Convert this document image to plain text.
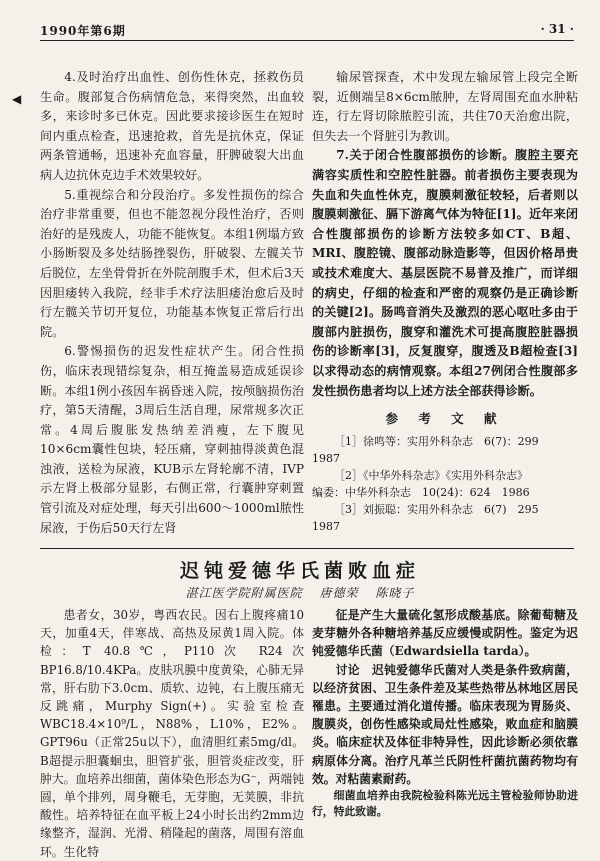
1990年第6期	· 31 ·
◀

4.及时治疗出血性、创伤性休克，拯救伤员生命。腹部复合伤病情危急，来得突然，出血较多，来诊时多已休克。因此要求接诊医生在短时间内重点检查，迅速抢救，首先是抗休克，保证两条管通畅，迅速补充血容量，肝脾破裂大出血病人边抗休克边手术效果较好。

5.重视综合和分段治疗。多发性损伤的综合治疗非常重要，但也不能忽视分段性治疗，否则治好的是残废人，功能不能恢复。本组1例塌方致小肠断裂及多处结肠挫裂伤，肝破裂、左髋关节后脱位，左坐骨骨折在外院剖腹手术，但术后3天因胆痿转入我院，经非手术疗法胆痿治愈后及时行左髋关节切开复位，功能基本恢复正常后行出院。

6.警惕损伤的迟发性症状产生。闭合性损伤，临床表现错综复杂，相互掩盖易造成延误诊断。本组1例小孩因车祸昏迷入院，按颅脑损伤治疗，第5天清醒，3周后生活自理，尿常规多次正常。4周后腹胀发热纳差消瘦，左下腹见10×6cm囊性包块，轻压痛，穿刺抽得淡黄色混浊液，送检为尿液，KUB示左肾轮廓不清，IVP示左肾上极部分显影，右侧正常，行囊肿穿刺置管引流及对症处理，每天引出600～1000ml脓性尿液，于伤后50天行左肾

输尿管探查，术中发现左输尿管上段完全断裂，近侧端呈8×6cm脓肿，左肾周围充血水肿粘连，行左肾切除脓腔引流，共住70天治愈出院，但失去一个肾脏引为教训。

7.关于闭合性腹部损伤的诊断。腹腔主要充满容实质性和空腔性脏器。前者损伤主要表现为失血和失血性休克，腹膜刺激征较轻，后者则以腹膜刺激征、膈下游离气体为特征[1]。近年来闭合性腹部损伤的诊断方法较多如CT、B超、MRI、腹腔镜、腹部动脉造影等，但因价格昂贵或技术难度大、基层医院不易普及推广，而详细的病史，仔细的检查和严密的观察仍是正确诊断的关键[2]。肠鸣音消失及激烈的恶心呕吐多由于腹部内脏损伤，腹穿和灌洗术可提高腹腔脏器损伤的诊断率[3]，反复腹穿，腹透及B超检查[3]以求得动态的病情观察。本组27例闭合性腹部多发性损伤患者均以上述方法全部获得诊断。

参 考 文 献

［1］徐鸣等：实用外科杂志　6(7)：299
1987

［2］《中华外科杂志》《实用外科杂志》
编委：中华外科杂志　10(24)：624　1986

［3］刘振聪：实用外科杂志　6(7)　295
1987

迟钝爱德华氏菌败血症
湛江医学院附属医院 唐德荣 陈晓子

患者女，30岁，粤西农民。因右上腹疼痛10天，加重4天，伴寒战、高热及尿黄1周入院。体检：T 40.8℃，P110次 R24次 BP16.8/10.4KPa。皮肤巩膜中度黄染，心肺无异常，肝右肋下3.0cm、质软、边钝，右上腹压痛无反跳痛，Murphy Sign(+)。实验室检查WBC18.4×10⁹/L，N88%，L10%，E2%。GPT96u（正常25u以下），血清胆红素5mg/dl。B超提示胆囊蛔虫，胆管扩张，胆管炎症改变，肝肿大。血培养出细菌，菌体染色形态为G⁻，两端钝圆，单个排列，周身鞭毛，无芽胞，无荚膜，非抗酸性。培养特征在血平板上24小时长出约2mm边缘整齐，湿润、光滑、稍隆起的菌落，周围有溶血环。生化特

征是产生大量硫化氢形成酸基底。除葡萄糖及麦芽糖外各种糖培养基反应缓慢或阴性。鉴定为迟钝爱德华氏菌（Edwardsiella tarda）。

讨论　迟钝爱德华氏菌对人类是条件致病菌，以经济贫困、卫生条件差及某些热带丛林地区居民罹患。主要通过消化道传播。临床表现为胃肠炎、腹膜炎，创伤性感染或局灶性感染，败血症和脑膜炎。临床症状及体征非特异性，因此诊断必须依靠病原体分离。治疗凡革兰氏阴性杆菌抗菌药物均有效。对粘菌素耐药。

细菌血培养由我院检验科陈光远主管检验师协助进行，特此致谢。
